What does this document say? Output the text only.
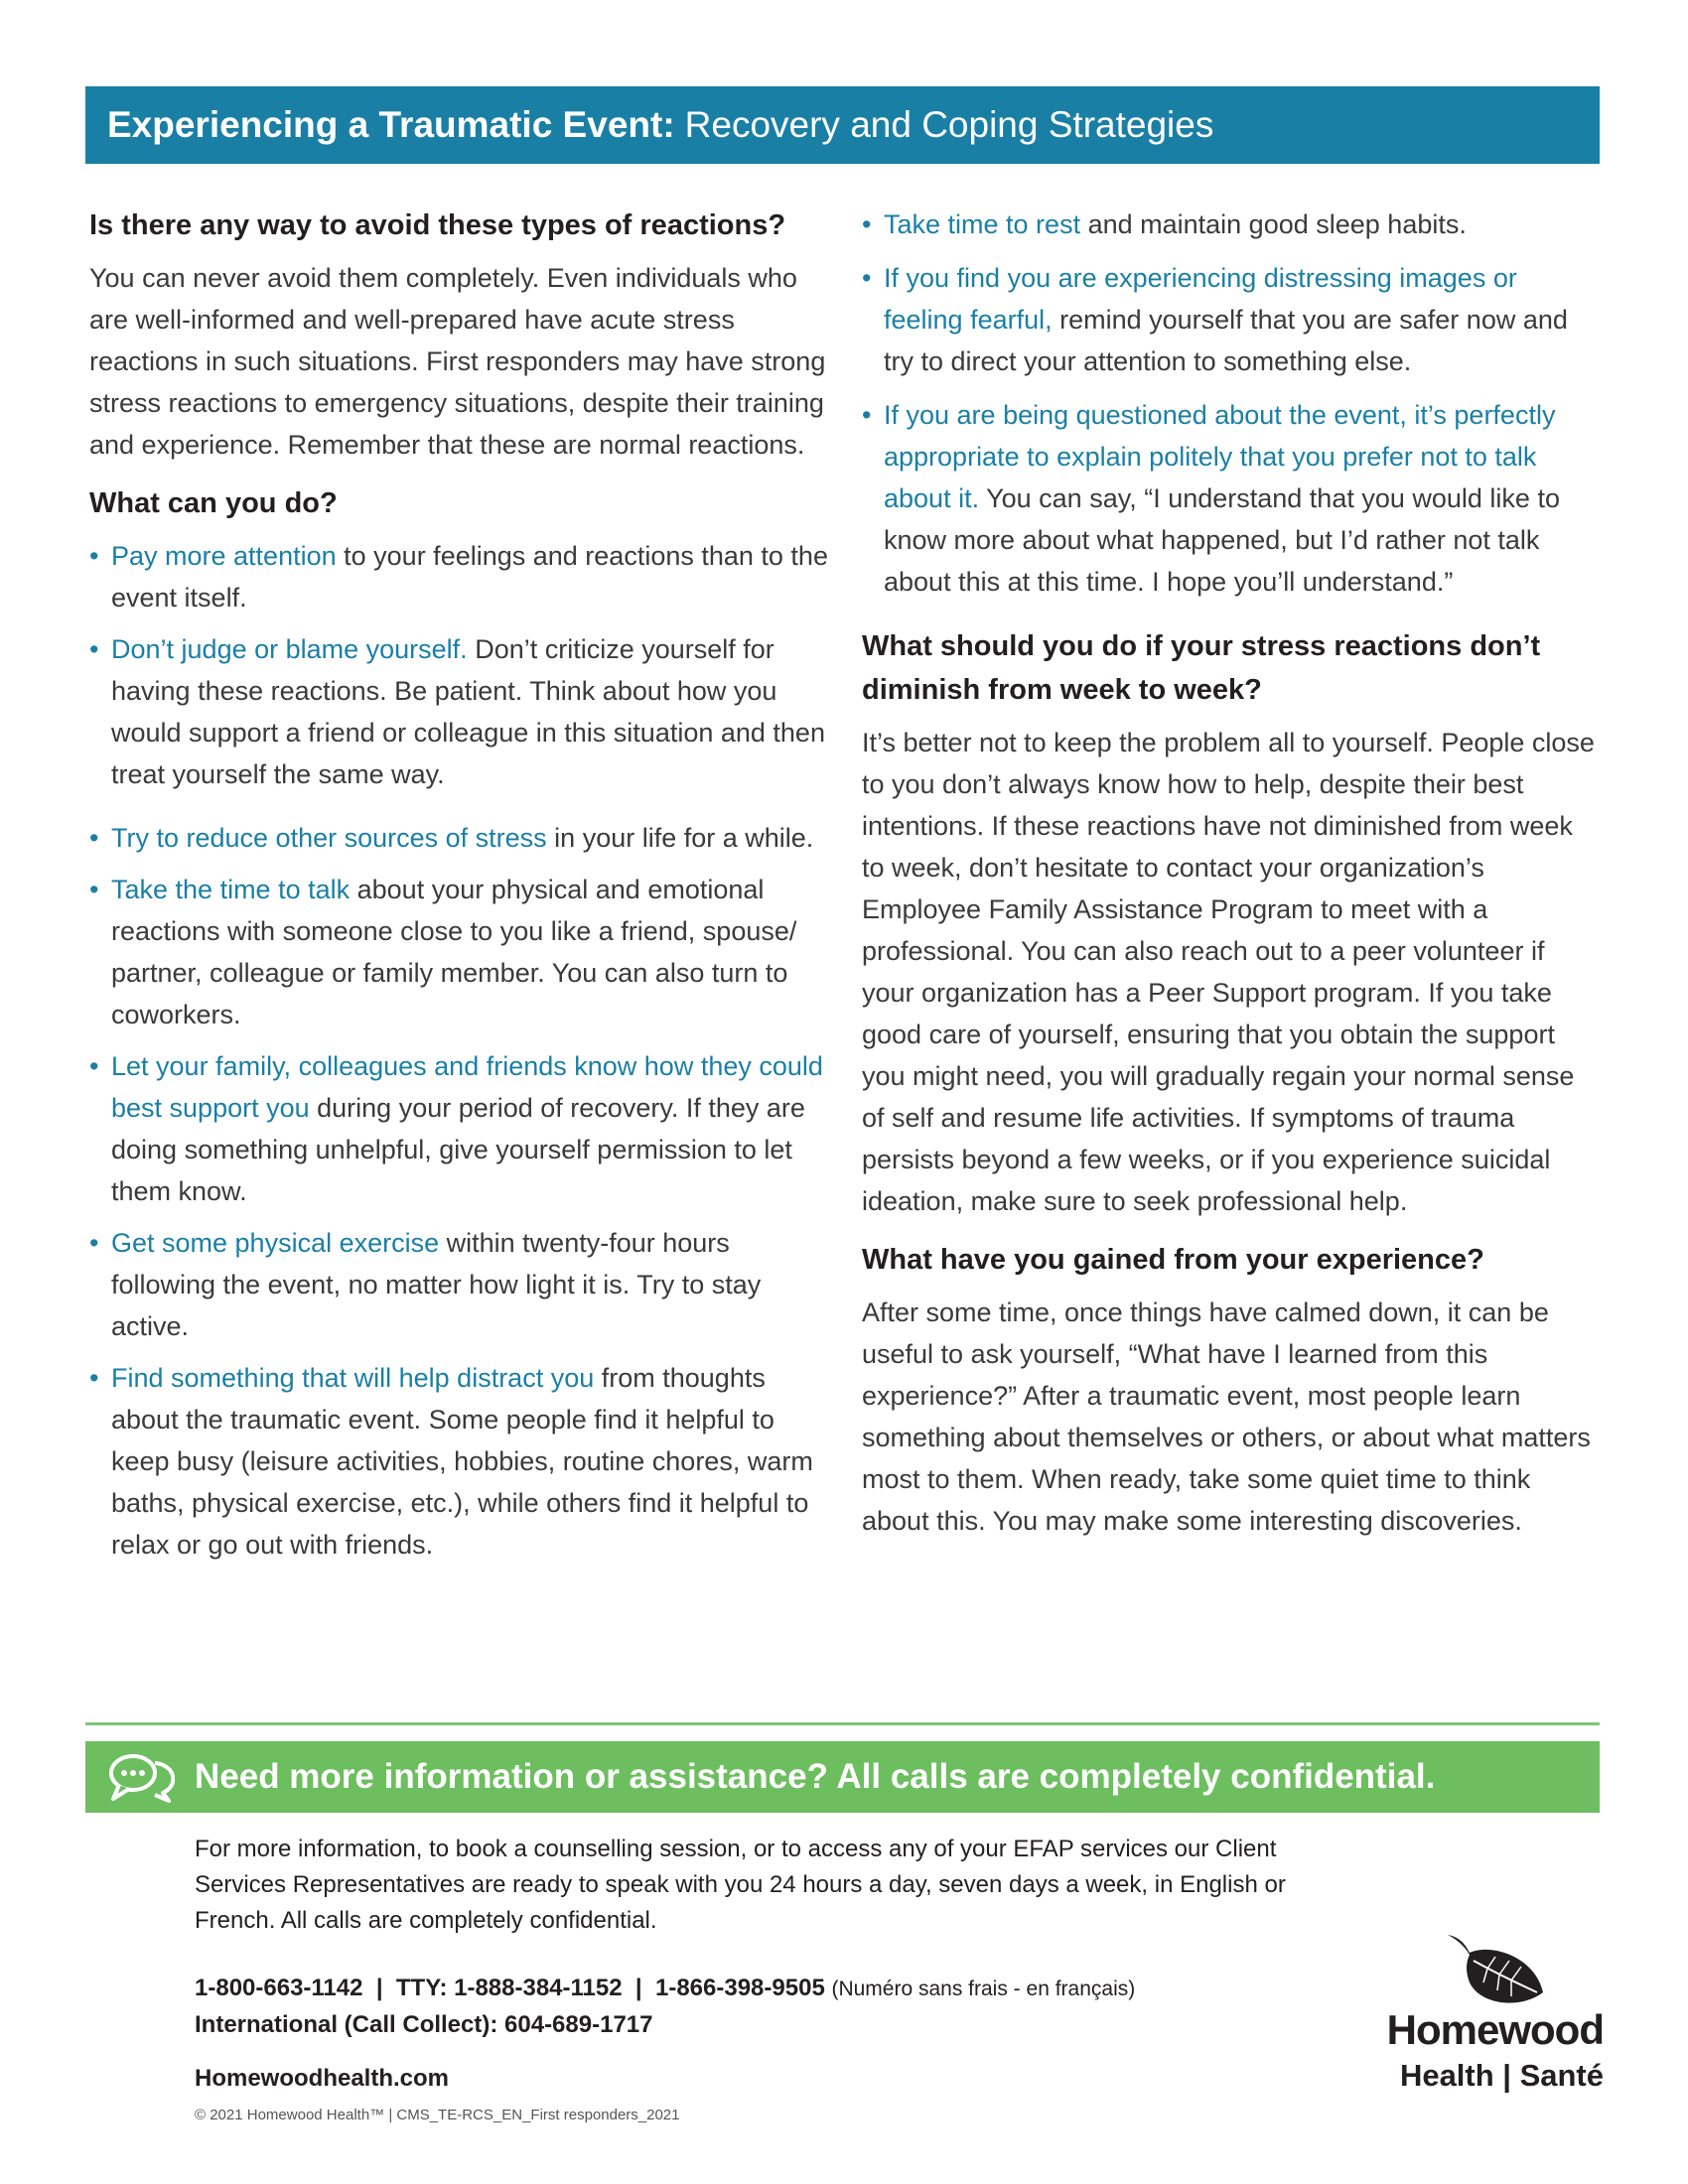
Experiencing a Traumatic Event: Recovery and Coping Strategies
Is there any way to avoid these types of reactions?

You can never avoid them completely. Even individuals who are well-informed and well-prepared have acute stress reactions in such situations. First responders may have strong stress reactions to emergency situations, despite their training and experience. Remember that these are normal reactions.

What can you do?
• Pay more attention to your feelings and reactions than to the event itself.
• Don’t judge or blame yourself. Don’t criticize yourself for having these reactions. Be patient. Think about how you would support a friend or colleague in this situation and then treat yourself the same way.
• Try to reduce other sources of stress in your life for a while.
• Take the time to talk about your physical and emotional reactions with someone close to you like a friend, spouse/ partner, colleague or family member. You can also turn to coworkers.
• Let your family, colleagues and friends know how they could best support you during your period of recovery. If they are doing something unhelpful, give yourself permission to let them know.
• Get some physical exercise within twenty-four hours following the event, no matter how light it is. Try to stay active.
• Find something that will help distract you from thoughts about the traumatic event. Some people find it helpful to keep busy (leisure activities, hobbies, routine chores, warm baths, physical exercise, etc.), while others find it helpful to relax or go out with friends.
• Take time to rest and maintain good sleep habits.
• If you find you are experiencing distressing images or feeling fearful, remind yourself that you are safer now and try to direct your attention to something else.
• If you are being questioned about the event, it’s perfectly appropriate to explain politely that you prefer not to talk about it. You can say, “I understand that you would like to know more about what happened, but I’d rather not talk about this at this time. I hope you’ll understand.”
What should you do if your stress reactions don’t diminish from week to week?

It’s better not to keep the problem all to yourself. People close to you don’t always know how to help, despite their best intentions. If these reactions have not diminished from week to week, don’t hesitate to contact your organization’s Employee Family Assistance Program to meet with a professional. You can also reach out to a peer volunteer if your organization has a Peer Support program. If you take good care of yourself, ensuring that you obtain the support you might need, you will gradually regain your normal sense of self and resume life activities. If symptoms of trauma persists beyond a few weeks, or if you experience suicidal ideation, make sure to seek professional help.

What have you gained from your experience?

After some time, once things have calmed down, it can be useful to ask yourself, “What have I learned from this experience?” After a traumatic event, most people learn something about themselves or others, or about what matters most to them. When ready, take some quiet time to think about this. You may make some interesting discoveries.

Need more information or assistance? All calls are completely confidential.
For more information, to book a counselling session, or to access any of your EFAP services our Client Services Representatives are ready to speak with you 24 hours a day, seven days a week, in English or French. All calls are completely confidential.
1-800-663-1142 | TTY: 1-888-384-1152 | 1-866-398-9505 (Numéro sans frais - en français)
International (Call Collect): 604-689-1717
Homewoodhealth.com
© 2021 Homewood Health™ | CMS_TE-RCS_EN_First responders_2021
Homewood
Health | Santé
